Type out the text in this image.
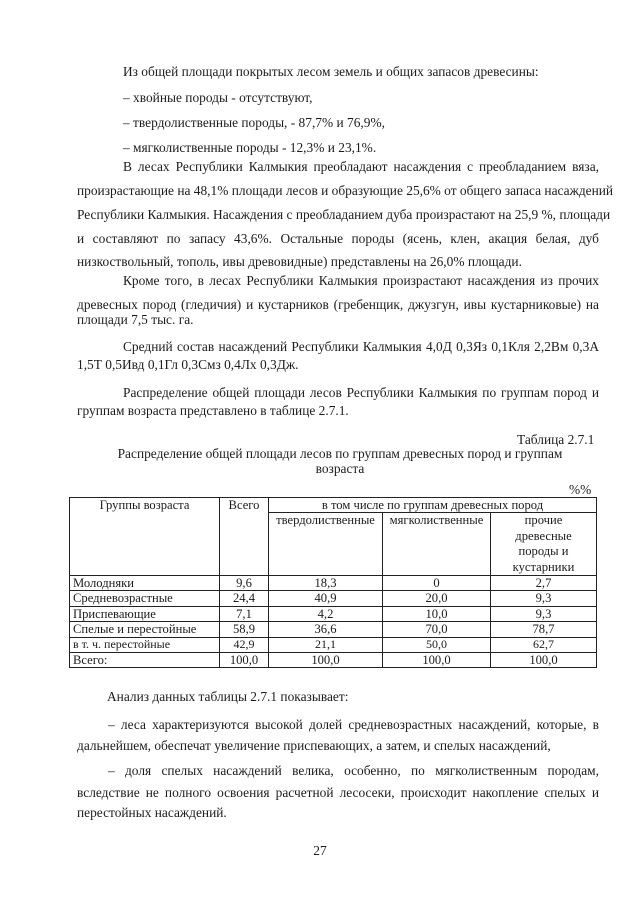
Из общей площади покрытых лесом земель и общих запасов древесины:

– хвойные породы - отсутствуют,

– твердолиственные породы, - 87,7% и 76,9%,

– мягколиственные породы - 12,3% и 23,1%.

В лесах Республики Калмыкия преобладают насаждения с преобладанием вяза,

произрастающие на 48,1% площади лесов и образующие 25,6% от общего запаса насаждений

Республики Калмыкия. Насаждения с преобладанием дуба произрастают на 25,9 %, площади

и составляют по запасу 43,6%. Остальные породы (ясень, клен, акация белая, дуб

низкоствольный, тополь, ивы древовидные) представлены на 26,0% площади.

Кроме того, в лесах Республики Калмыкия произрастают насаждения из прочих

древесных пород (гледичия) и кустарников (гребенщик, джузгун, ивы кустарниковые) на

площади 7,5 тыс. га.

Средний состав насаждений Республики Калмыкия 4,0Д 0,3Яз 0,1Кля 2,2Вм 0,3А

1,5Т 0,5Ивд 0,1Гл 0,3Смз 0,4Лх 0,3Дж.

Распределение общей площади лесов Республики Калмыкия по группам пород и

группам возраста представлено в таблице 2.7.1.

Таблица 2.7.1

Распределение общей площади лесов по группам древесных пород и группам

возраста

%%

Группы возраста	Всего	в том числе по группам древесных пород		
		твердолиственные	мягколиственные	прочие
древесные
породы и
кустарники
Молодняки	9,6	18,3	0	2,7
Средневозрастные	24,4	40,9	20,0	9,3
Приспевающие	7,1	4,2	10,0	9,3
Спелые и перестойные	58,9	36,6	70,0	78,7
в т. ч. перестойные	42,9	21,1	50,0	62,7
Всего:	100,0	100,0	100,0	100,0

Анализ данных таблицы 2.7.1 показывает:

– леса характеризуются высокой долей средневозрастных насаждений, которые, в

дальнейшем, обеспечат увеличение приспевающих, а затем, и спелых насаждений,

– доля спелых насаждений велика, особенно, по мягколиственным породам,

вследствие не полного освоения расчетной лесосеки, происходит накопление спелых и

перестойных насаждений.

27
